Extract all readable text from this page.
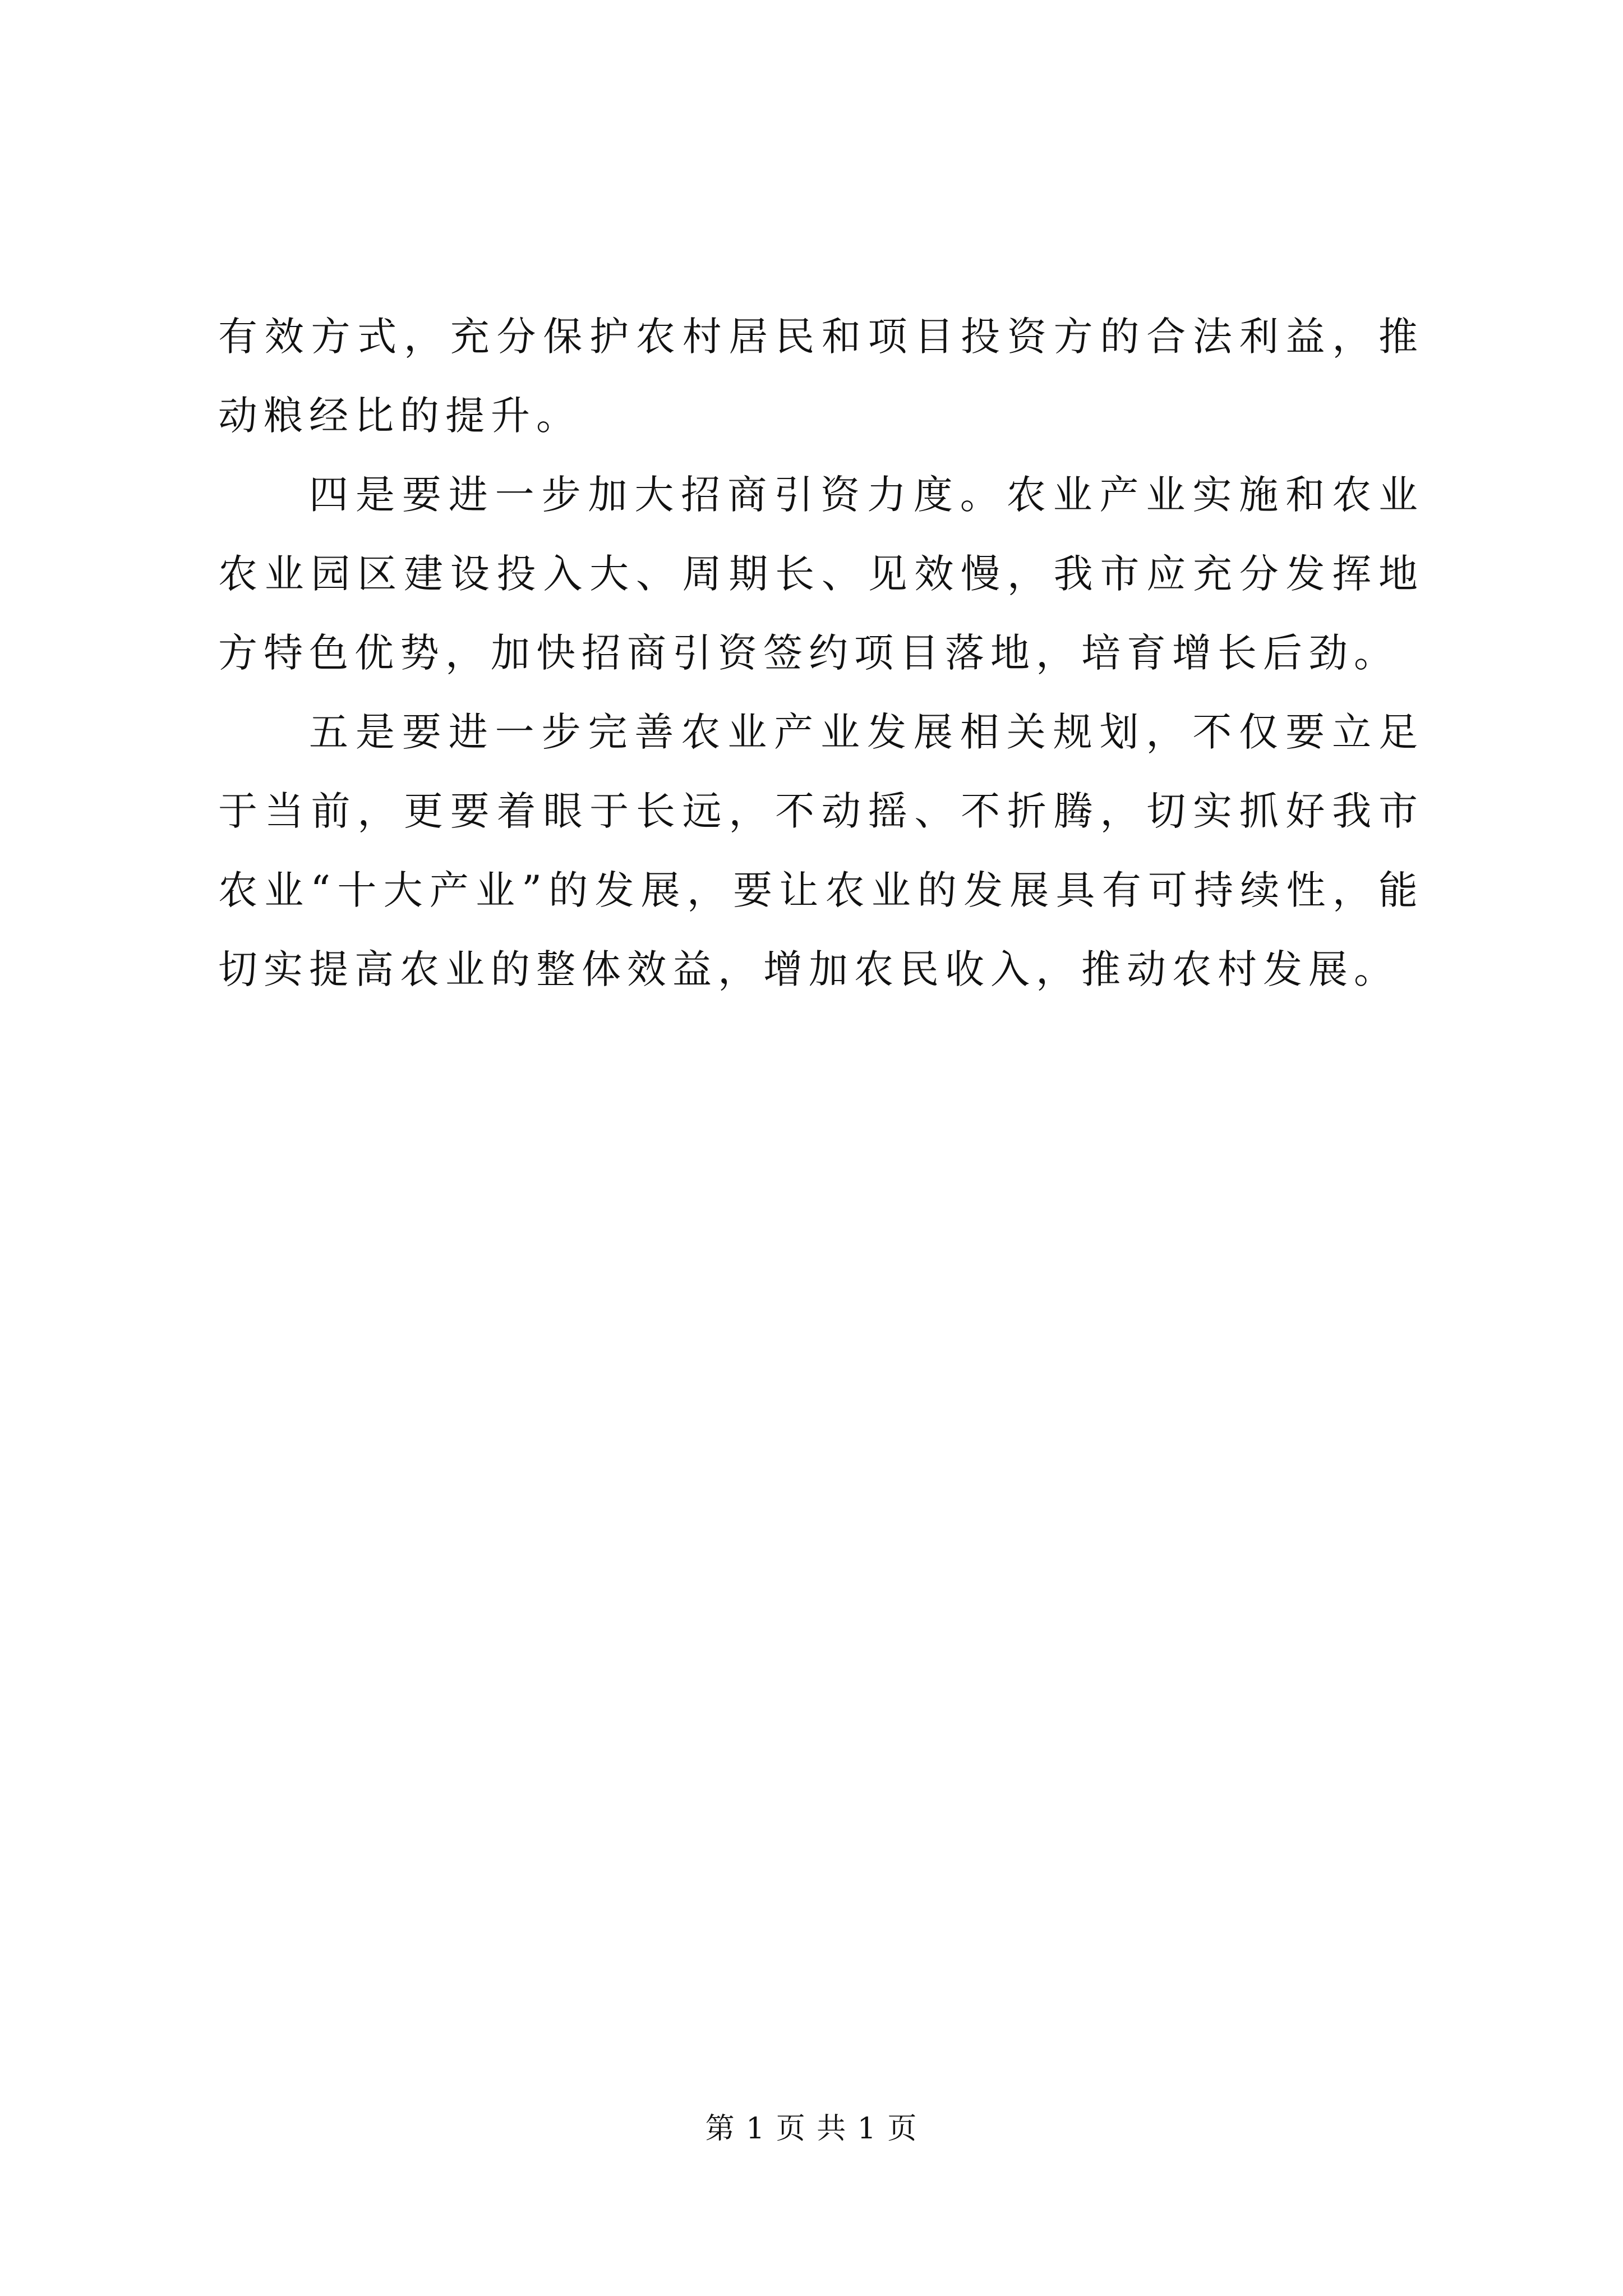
有效方式，充分保护农村居民和项目投资方的合法利益，推动粮经比的提升。

四是要进一步加大招商引资力度。农业产业实施和农业农业园区建设投入大、周期长、见效慢，我市应充分发挥地方特色优势，加快招商引资签约项目落地，培育增长后劲。

五是要进一步完善农业产业发展相关规划，不仅要立足于当前，更要着眼于长远，不动摇、不折腾，切实抓好我市农业“十大产业”的发展，要让农业的发展具有可持续性，能切实提高农业的整体效益，增加农民收入，推动农村发展。

第 1 页 共 1 页
